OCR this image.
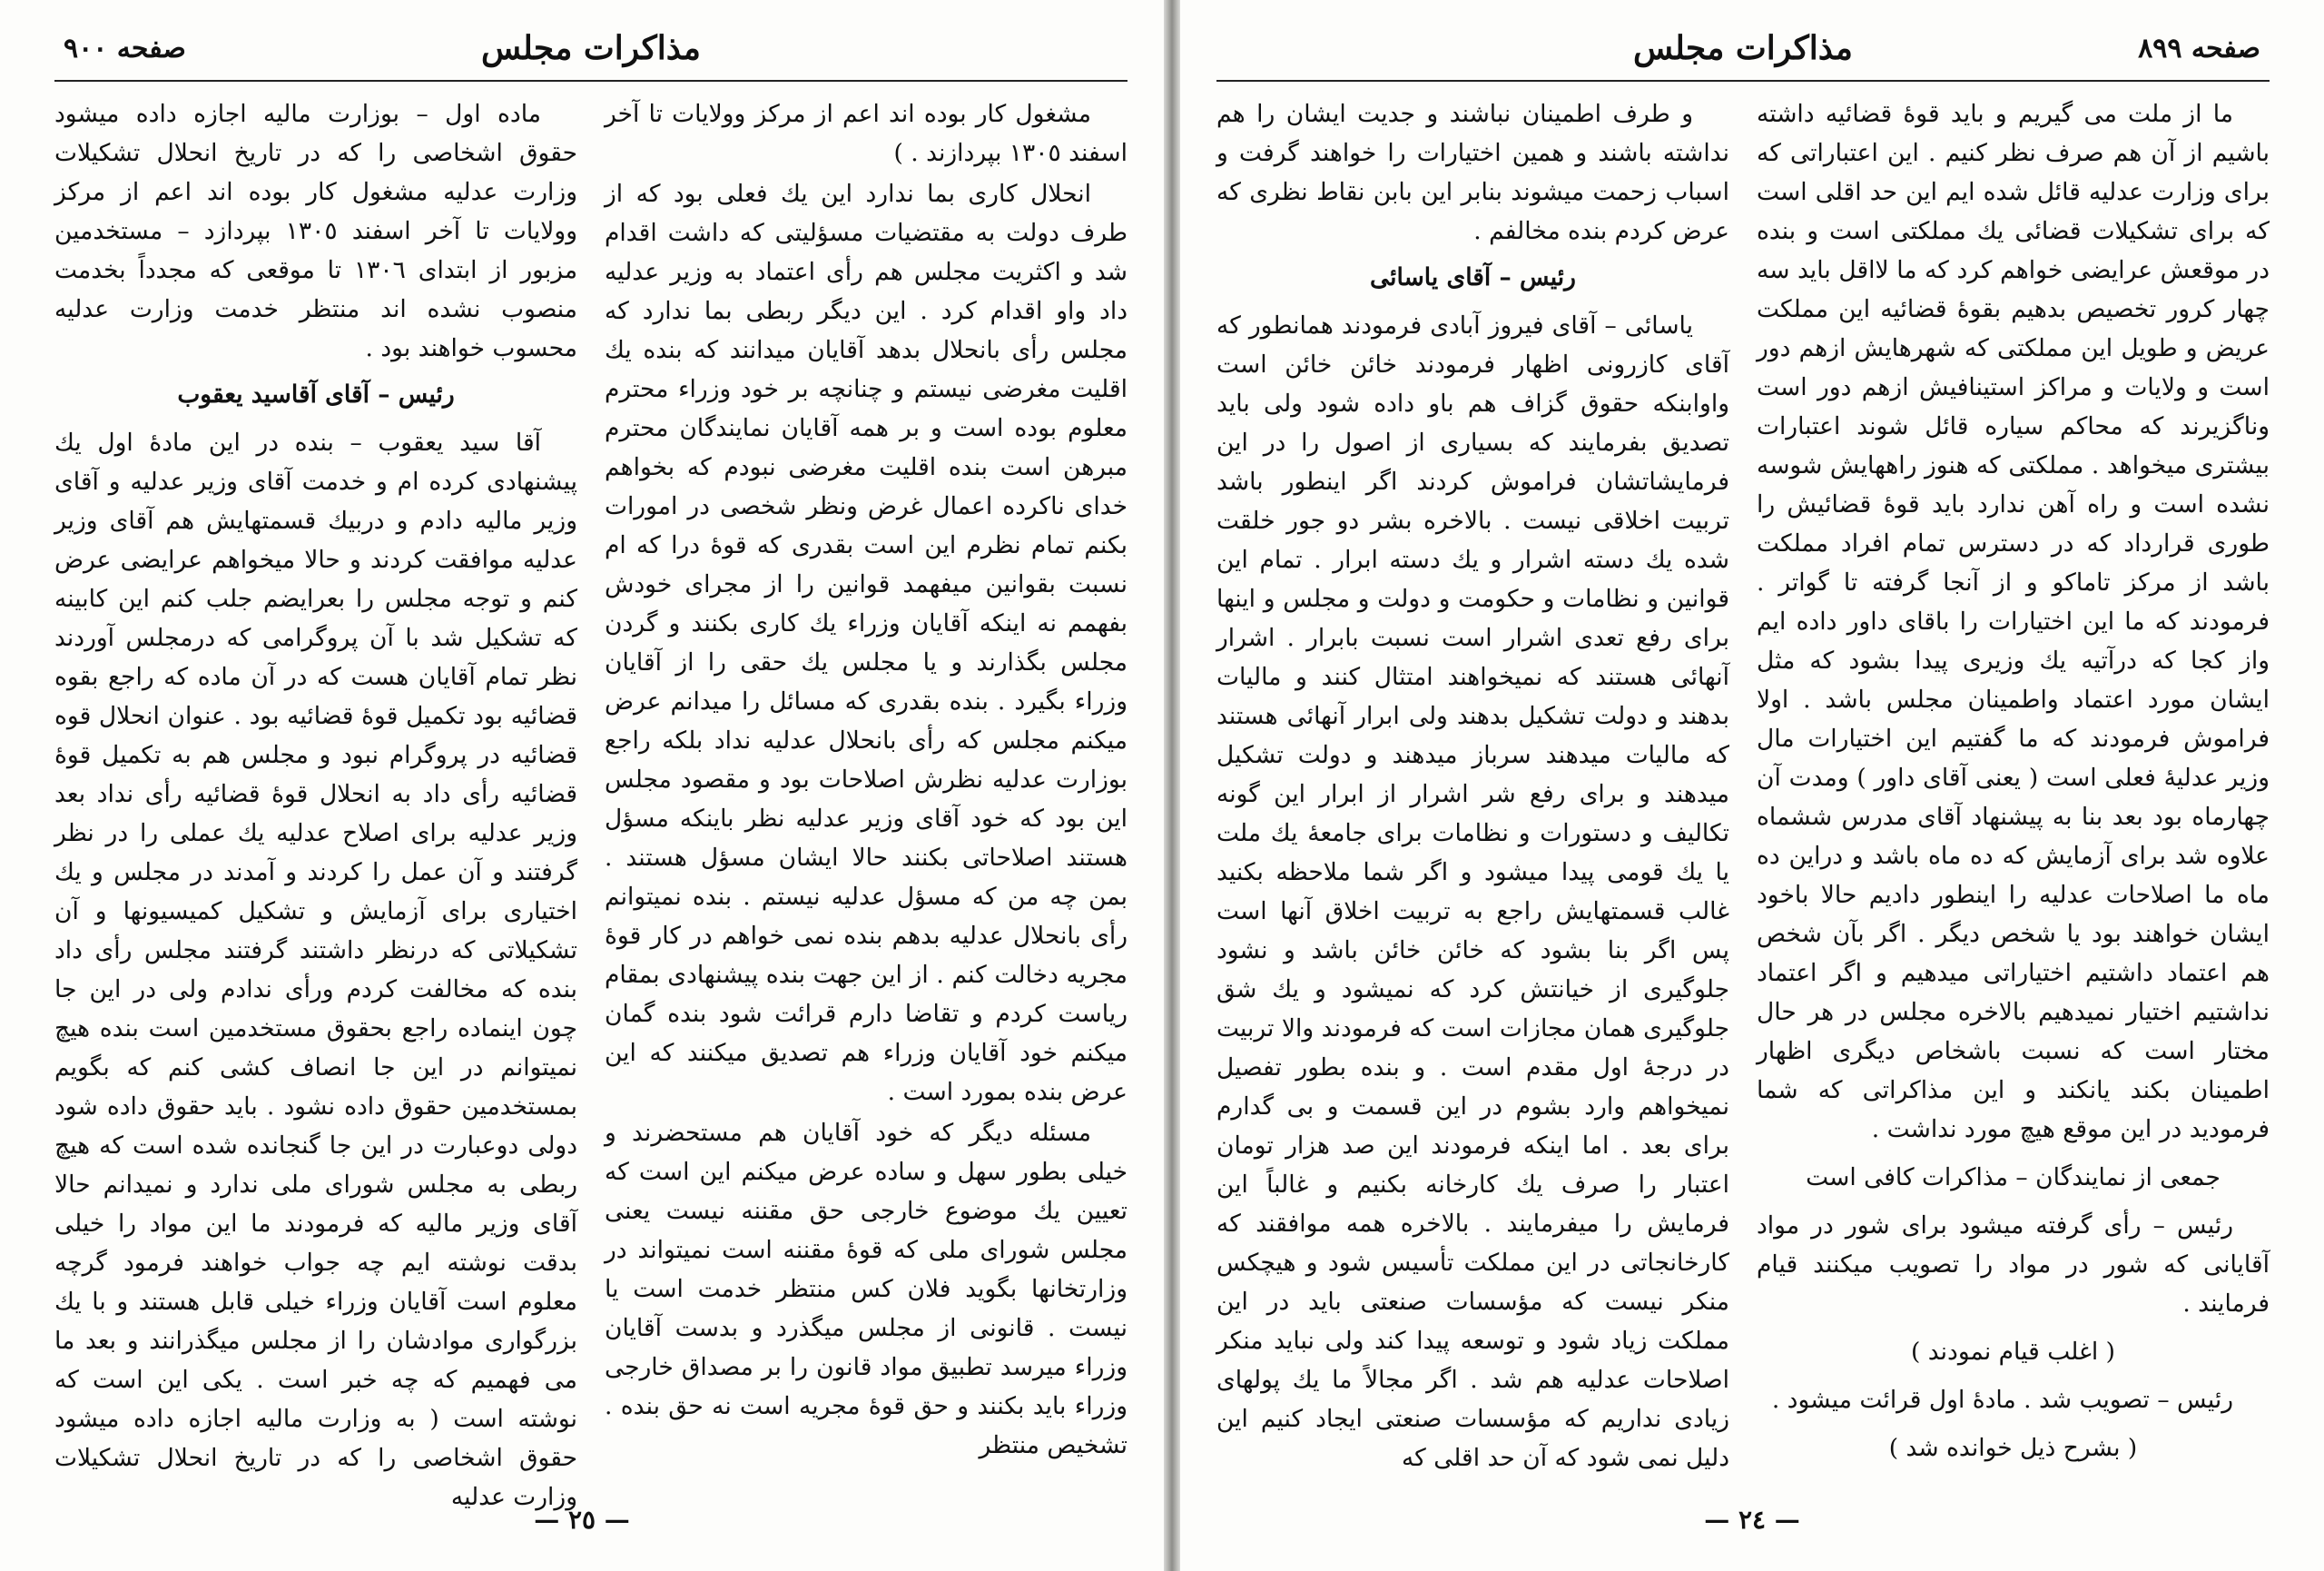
مذاکرات مجلس
صفحه ٩٠٠

ماده اول – بوزارت مالیه اجازه داده میشود حقوق اشخاصی را که در تاریخ انحلال تشکیلات وزارت عدلیه مشغول کار بوده اند اعم از مرکز وولایات تا آخر اسفند ١٣٠٥ بپردازد – مستخدمین مزبور از ابتدای ١٣٠٦ تا موقعی که مجدداً بخدمت منصوب نشده اند منتظر خدمت وزارت عدلیه محسوب خواهند بود .

رئیس – آقای آقاسید یعقوب

آقا سید یعقوب – بنده در این مادهٔ اول یك پیشنهادی کرده ام و خدمت آقای وزیر عدلیه و آقای وزیر مالیه دادم و دربیك قسمتهایش هم آقای وزیر عدلیه موافقت کردند و حالا میخواهم عرایضی عرض کنم و توجه مجلس را بعرایضم جلب کنم این کابینه که تشکیل شد با آن پروگرامی که درمجلس آوردند نظر تمام آقایان هست که در آن ماده که راجع بقوه قضائیه بود تکمیل قوهٔ قضائیه بود . عنوان انحلال قوه قضائیه در پروگرام نبود و مجلس هم به تکمیل قوهٔ قضائیه رأی داد به انحلال قوهٔ قضائیه رأی نداد بعد وزیر عدلیه برای اصلاح عدلیه یك عملی را در نظر گرفتند و آن عمل را کردند و آمدند در مجلس و یك اختیاری برای آزمایش و تشکیل کمیسیونها و آن تشکیلاتی که درنظر داشتند گرفتند مجلس رأی داد بنده که مخالفت کردم ورأی ندادم ولی در این جا چون اینماده راجع بحقوق مستخدمین است بنده هیچ نمیتوانم در این جا انصاف کشی کنم که بگویم بمستخدمین حقوق داده نشود . باید حقوق داده شود دولی دوعبارت در این جا گنجانده شده است که هیچ ربطی به مجلس شورای ملی ندارد و نمیدانم حالا آقای وزیر مالیه که فرمودند ما این مواد را خیلی بدقت نوشته ایم چه جواب خواهند فرمود گرچه معلوم است آقایان وزراء خیلی قابل هستند و با یك بزرگواری موادشان را از مجلس میگذرانند و بعد ما می فهمیم که چه خبر است . یکی این است که نوشته است ( به وزارت مالیه اجازه داده میشود حقوق اشخاصی را که در تاریخ انحلال تشکیلات وزارت عدلیه

مشغول کار بوده اند اعم از مرکز وولایات تا آخر اسفند ١٣٠٥ بپردازند . )

انحلال کاری بما ندارد این یك فعلی بود که از طرف دولت به مقتضیات مسؤلیتی که داشت اقدام شد و اکثریت مجلس هم رأی اعتماد به وزیر عدلیه داد واو اقدام کرد . این دیگر ربطی بما ندارد که مجلس رأی بانحلال بدهد آقایان میدانند که بنده یك اقلیت مغرضی نیستم و چنانچه بر خود وزراء محترم معلوم بوده است و بر همه آقایان نمایندگان محترم مبرهن است بنده اقلیت مغرضی نبودم که بخواهم خدای ناکرده اعمال غرض ونظر شخصی در امورات بکنم تمام نظرم این است بقدری که قوهٔ درا که ام نسبت بقوانین میفهمد قوانین را از مجرای خودش بفهمم نه اینکه آقایان وزراء یك کاری بکنند و گردن مجلس بگذارند و یا مجلس یك حقی را از آقایان وزراء بگیرد . بنده بقدری که مسائل را میدانم عرض میکنم مجلس که رأی بانحلال عدلیه نداد بلکه راجع بوزارت عدلیه نظرش اصلاحات بود و مقصود مجلس این بود که خود آقای وزیر عدلیه نظر باینکه مسؤل هستند اصلاحاتی بکنند حالا ایشان مسؤل هستند . بمن چه من که مسؤل عدلیه نیستم . بنده نمیتوانم رأی بانحلال عدلیه بدهم بنده نمی خواهم در کار قوهٔ مجریه دخالت کنم . از این جهت بنده پیشنهادی بمقام ریاست کردم و تقاضا دارم قرائت شود بنده گمان میکنم خود آقایان وزراء هم تصدیق میکنند که این عرض بنده بمورد است .

مسئله دیگر که خود آقایان هم مستحضرند و خیلی بطور سهل و ساده عرض میکنم این است که تعیین یك موضوع خارجی حق مقننه نیست یعنی مجلس شورای ملی که قوهٔ مقننه است نمیتواند در وزارتخانها بگوید فلان کس منتظر خدمت است یا نیست . قانونی از مجلس میگذرد و بدست آقایان وزراء میرسد تطبیق مواد قانون را بر مصداق خارجی وزراء باید بکنند و حق قوهٔ مجریه است نه حق بنده . تشخیص منتظر

— ٢٥ —
مذاکرات مجلس	صفحه ٨٩٩

و طرف اطمینان نباشند و جدیت ایشان را هم نداشته باشند و همین اختیارات را خواهند گرفت و اسباب زحمت میشوند بنابر این بابن نقاط نظری که عرض کردم بنده مخالفم .

رئیس – آقای یاسائی

یاسائی – آقای فیروز آبادی فرمودند همانطور که آقای کازرونی اظهار فرمودند خائن خائن است واوابنکه حقوق گزاف هم باو داده شود ولی باید تصدیق بفرمایند که بسیاری از اصول را در این فرمایشاتشان فراموش کردند اگر اینطور باشد تربیت اخلاقی نیست . بالاخره بشر دو جور خلقت شده یك دسته اشرار و یك دسته ابرار . تمام این قوانین و نظامات و حکومت و دولت و مجلس و اینها برای رفع تعدی اشرار است نسبت بابرار . اشرار آنهائی هستند که نمیخواهند امتثال کنند و مالیات بدهند و دولت تشکیل بدهند ولی ابرار آنهائی هستند که مالیات میدهند سرباز میدهند و دولت تشکیل میدهند و برای رفع شر اشرار از ابرار این گونه تکالیف و دستورات و نظامات برای جامعهٔ یك ملت یا یك قومی پیدا میشود و اگر شما ملاحظه بکنید غالب قسمتهایش راجع به تربیت اخلاق آنها است پس اگر بنا بشود که خائن خائن باشد و نشود جلوگیری از خیانتش کرد که نمیشود و یك شق جلوگیری همان مجازات است که فرمودند والا تربیت در درجهٔ اول مقدم است . و بنده بطور تفصیل نمیخواهم وارد بشوم در این قسمت و بی گدارم برای بعد . اما اینکه فرمودند این صد هزار تومان اعتبار را صرف یك کارخانه بکنیم و غالباً این فرمایش را میفرمایند . بالاخره همه موافقند که کارخانجاتی در این مملکت تأسیس شود و هیچکس منکر نیست که مؤسسات صنعتی باید در این مملکت زیاد شود و توسعه پیدا کند ولی نباید منکر اصلاحات عدلیه هم شد . اگر مجالاً ما یك پولهای زیادی نداریم که مؤسسات صنعتی ایجاد کنیم این دلیل نمی شود که آن حد اقلی که

ما از ملت می گیریم و باید قوهٔ قضائیه داشته باشیم از آن هم صرف نظر کنیم . این اعتباراتی که برای وزارت عدلیه قائل شده ایم این حد اقلی است که برای تشکیلات قضائی یك مملکتی است و بنده در موقعش عرایضی خواهم کرد که ما لااقل باید سه چهار کرور تخصیص بدهیم بقوهٔ قضائیه این مملکت عریض و طویل این مملکتی که شهرهایش ازهم دور است و ولایات و مراکز استینافیش ازهم دور است وناگزیرند که محاکم سیاره قائل شوند اعتبارات بیشتری میخواهد . مملکتی که هنوز راههایش شوسه نشده است و راه آهن ندارد باید قوهٔ قضائیش را طوری قرارداد که در دسترس تمام افراد مملکت باشد از مرکز تاماکو و از آنجا گرفته تا گواتر . فرمودند که ما این اختیارات را باقای داور داده ایم واز کجا که درآتیه یك وزیری پیدا بشود که مثل ایشان مورد اعتماد واطمینان مجلس باشد . اولا فراموش فرمودند که ما گفتیم این اختیارات مال وزیر عدلیهٔ فعلی است ( یعنی آقای داور ) ومدت آن چهارماه بود بعد بنا به پیشنهاد آقای مدرس ششماه علاوه شد برای آزمایش که ده ماه باشد و دراین ده ماه ما اصلاحات عدلیه را اینطور دادیم حالا باخود ایشان خواهند بود یا شخص دیگر . اگر بآن شخص هم اعتماد داشتیم اختیاراتی میدهیم و اگر اعتماد نداشتیم اختیار نمیدهیم بالاخره مجلس در هر حال مختار است که نسبت باشخاص دیگری اظهار اطمینان بکند یانکند و این مذاکراتی که شما فرمودید در این موقع هیچ مورد نداشت .

جمعی از نمایندگان – مذاکرات کافی است

رئیس – رأی گرفته میشود برای شور در مواد آقایانی که شور در مواد را تصویب میکنند قیام فرمایند .

( اغلب قیام نمودند )

رئیس – تصویب شد . مادهٔ اول قرائت میشود .

( بشرح ذیل خوانده شد )

— ٢٤ —
